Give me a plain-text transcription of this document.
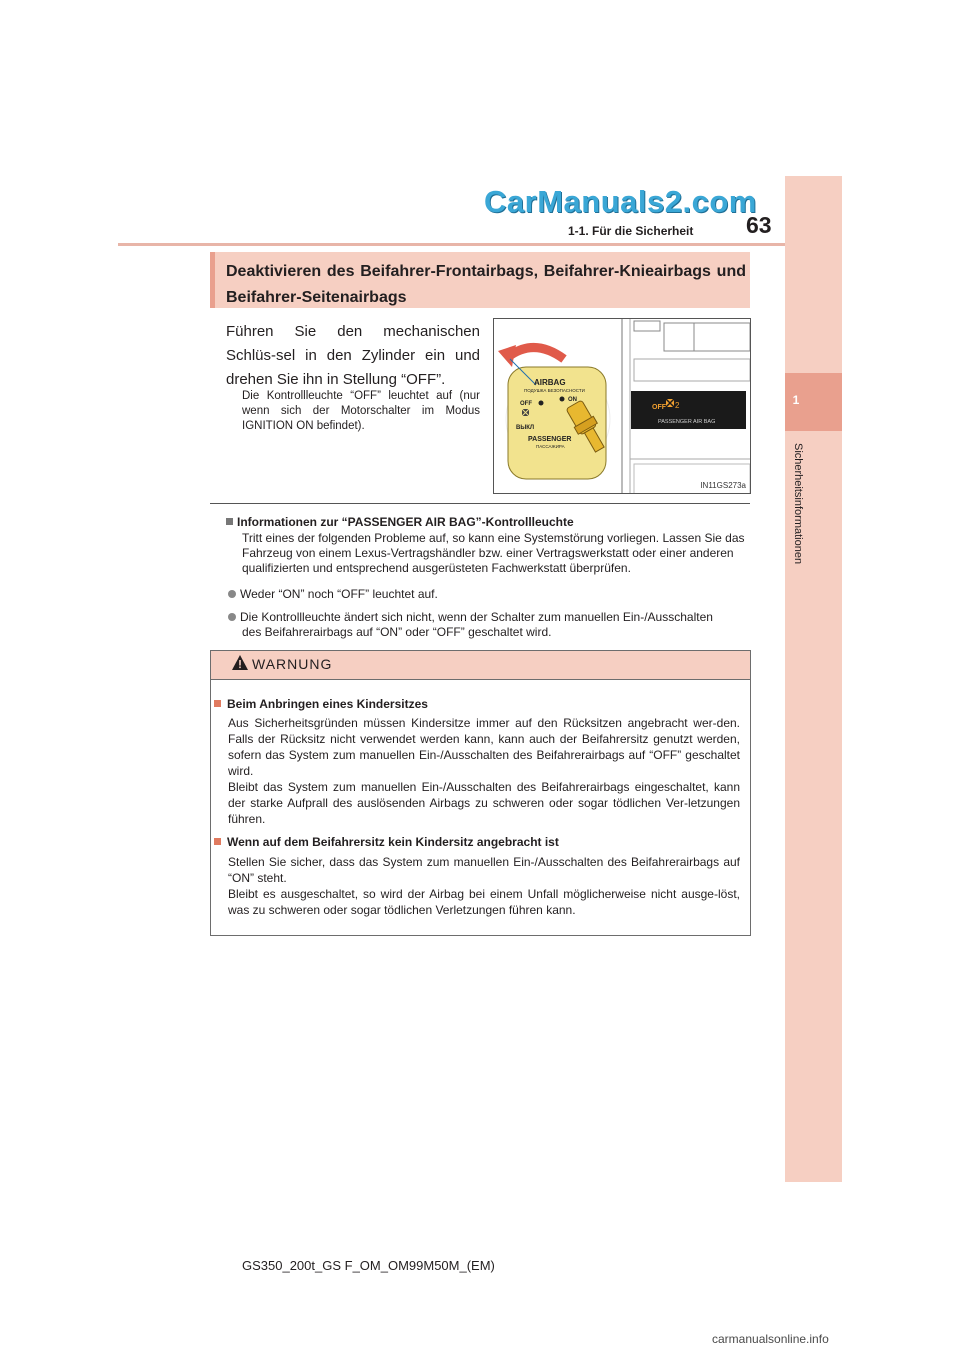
1
Sicherheitsinformationen
CarManuals2.com
1-1. Für die Sicherheit 63
Deaktivieren des Beifahrer-Frontairbags, Beifahrer-Knieairbags und Beifahrer-Seitenairbags
Führen Sie den mechanischen Schlüs-sel in den Zylinder ein und drehen Sie ihn in Stellung “OFF”.
Die Kontrollleuchte “OFF” leuchtet auf (nur wenn sich der Motorschalter im Modus IGNITION ON befindet).
OFF 2
PASSENGER AIR BAG
AIRBAG
ПОДУШКА БЕЗОПАСНОСТИ
OFF
ON
ВЫКЛ
PASSENGER
ПАССАЖИРА
IN11GS273a
Informationen zur “PASSENGER AIR BAG”-Kontrollleuchte
Tritt eines der folgenden Probleme auf, so kann eine Systemstörung vorliegen. Lassen Sie das Fahrzeug von einem Lexus-Vertragshändler bzw. einer Vertragswerkstatt oder einer anderen qualifizierten und entsprechend ausgerüsteten Fachwerkstatt überprüfen.
Weder “ON” noch “OFF” leuchtet auf.
Die Kontrollleuchte ändert sich nicht, wenn der Schalter zum manuellen Ein-/Ausschalten
des Beifahrerairbags auf “ON” oder “OFF” geschaltet wird.
WARNUNG
Beim Anbringen eines Kindersitzes
Aus Sicherheitsgründen müssen Kindersitze immer auf den Rücksitzen angebracht wer-den. Falls der Rücksitz nicht verwendet werden kann, kann auch der Beifahrersitz genutzt werden, sofern das System zum manuellen Ein-/Ausschalten des Beifahrerairbags auf “OFF” geschaltet wird.
Bleibt das System zum manuellen Ein-/Ausschalten des Beifahrerairbags eingeschaltet, kann der starke Aufprall des auslösenden Airbags zu schweren oder sogar tödlichen Ver-letzungen führen.
Wenn auf dem Beifahrersitz kein Kindersitz angebracht ist
Stellen Sie sicher, dass das System zum manuellen Ein-/Ausschalten des Beifahrerairbags auf “ON” steht.
Bleibt es ausgeschaltet, so wird der Airbag bei einem Unfall möglicherweise nicht ausge-löst, was zu schweren oder sogar tödlichen Verletzungen führen kann.
GS350_200t_GS F_OM_OM99M50M_(EM)
carmanualsonline.info
